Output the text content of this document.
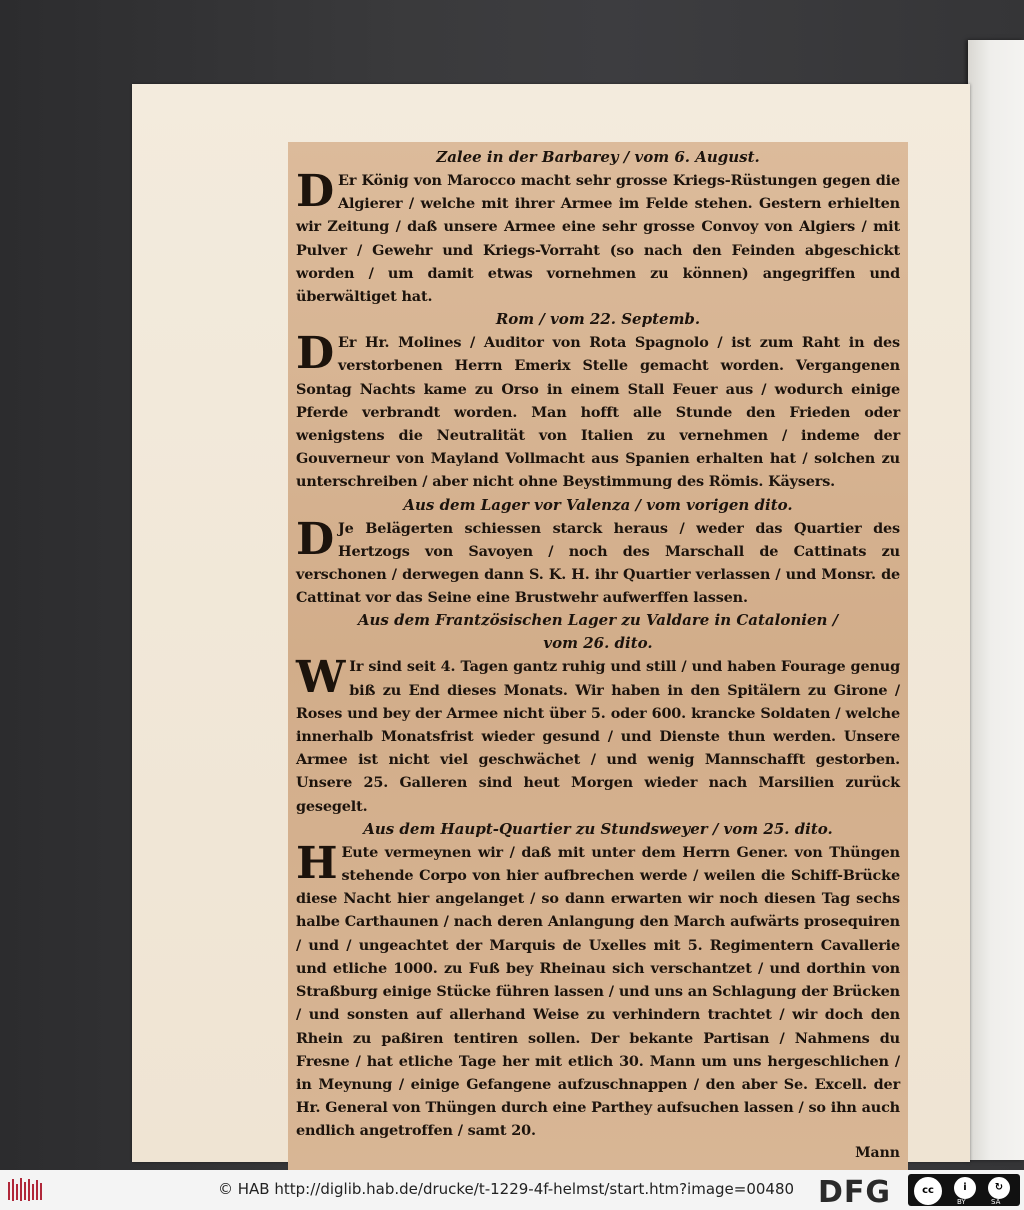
Zalee in der Barbarey / vom 6. August.

D Er König von Marocco macht sehr grosse Kriegs-Rüstungen gegen die Algierer / welche mit ihrer Armee im Felde stehen. Gestern erhielten wir Zeitung / daß unsere Armee eine sehr grosse Convoy von Algiers / mit Pulver / Gewehr und Kriegs-Vorraht (so nach den Feinden abgeschickt worden / um damit etwas vornehmen zu können) angegriffen und überwältiget hat.

Rom / vom 22. Septemb.

D Er Hr. Molines / Auditor von Rota Spagnolo / ist zum Raht in des verstorbenen Herrn Emerix Stelle gemacht worden. Vergangenen Sontag Nachts kame zu Orso in einem Stall Feuer aus / wodurch einige Pferde verbrandt worden. Man hofft alle Stunde den Frieden oder wenigstens die Neutralität von Italien zu vernehmen / indeme der Gouverneur von Mayland Vollmacht aus Spanien erhalten hat / solchen zu unterschreiben / aber nicht ohne Beystimmung des Römis. Käysers.

Aus dem Lager vor Valenza / vom vorigen dito.

D Je Belägerten schiessen starck heraus / weder das Quartier des Hertzogs von Savoyen / noch des Marschall de Cattinats zu verschonen / derwegen dann S. K. H. ihr Quartier verlassen / und Monsr. de Cattinat vor das Seine eine Brustwehr aufwerffen lassen.

Aus dem Frantzösischen Lager zu Valdare in Catalonien /

vom 26. dito.

W Ir sind seit 4. Tagen gantz ruhig und still / und haben Fourage genug biß zu End dieses Monats. Wir haben in den Spitälern zu Girone / Roses und bey der Armee nicht über 5. oder 600. krancke Soldaten / welche innerhalb Monatsfrist wieder gesund / und Dienste thun werden. Unsere Armee ist nicht viel geschwächet / und wenig Mannschafft gestorben. Unsere 25. Galleren sind heut Morgen wieder nach Marsilien zurück gesegelt.

Aus dem Haupt-Quartier zu Stundsweyer / vom 25. dito.

H Eute vermeynen wir / daß mit unter dem Herrn Gener. von Thüngen stehende Corpo von hier aufbrechen werde / weilen die Schiff-Brücke diese Nacht hier angelanget / so dann erwarten wir noch diesen Tag sechs halbe Carthaunen / nach deren Anlangung den March aufwärts prosequiren / und / ungeachtet der Marquis de Uxelles mit 5. Regimentern Cavallerie und etliche 1000. zu Fuß bey Rheinau sich verschantzet / und dorthin von Straßburg einige Stücke führen lassen / und uns an Schlagung der Brücken / und sonsten auf allerhand Weise zu verhindern trachtet / wir doch den Rhein zu paßiren tentiren sollen. Der bekante Partisan / Nahmens du Fresne / hat etliche Tage her mit etlich 30. Mann um uns hergeschlichen / in Meynung / einige Gefangene aufzuschnappen / den aber Se. Excell. der Hr. General von Thüngen durch eine Parthey aufsuchen lassen / so ihn auch endlich angetroffen / samt 20.

Mann

© HAB http://diglib.hab.de/drucke/t-1229-4f-helmst/start.htm?image=00480 DFG	cc	i	↻
BY	SA
